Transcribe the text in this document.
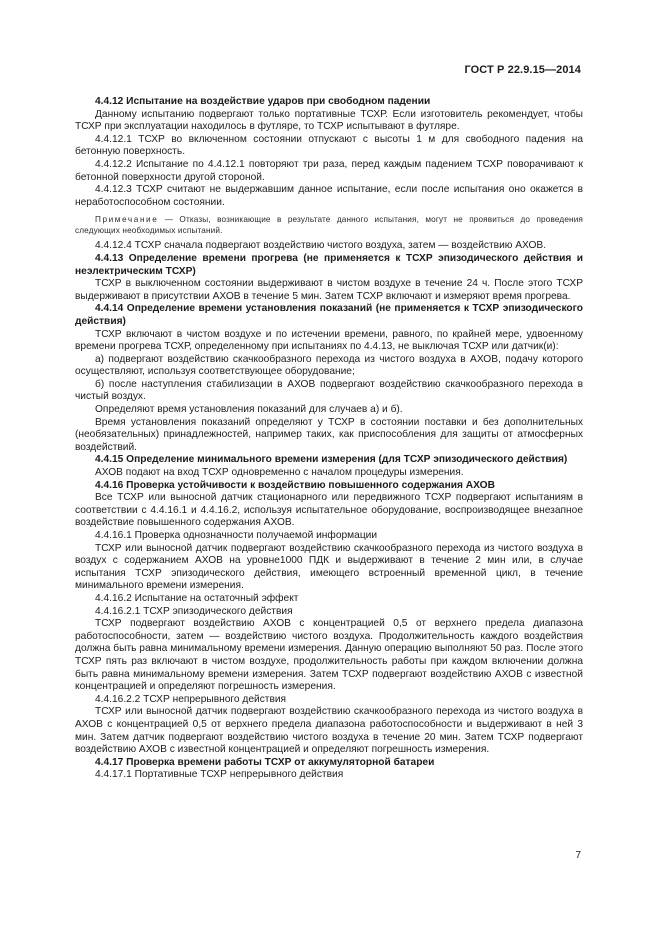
ГОСТ Р 22.9.15—2014

4.4.12 Испытание на воздействие ударов при свободном падении

Данному испытанию подвергают только портативные ТСХР. Если изготовитель рекомендует, чтобы ТСХР при эксплуатации находилось в футляре, то ТСХР испытывают в футляре.

4.4.12.1 ТСХР во включенном состоянии отпускают с высоты 1 м для свободного падения на бетонную поверхность.

4.4.12.2 Испытание по 4.4.12.1 повторяют три раза, перед каждым падением ТСХР поворачивают к бетонной поверхности другой стороной.

4.4.12.3 ТСХР считают не выдержавшим данное испытание, если после испытания оно окажется в неработоспособном состоянии.

Примечание — Отказы, возникающие в результате данного испытания, могут не проявиться до проведения следующих необходимых испытаний.

4.4.12.4 ТСХР сначала подвергают воздействию чистого воздуха, затем — воздействию АХОВ.

4.4.13 Определение времени прогрева (не применяется к ТСХР эпизодического действия и неэлектрическим ТСХР)

ТСХР в выключенном состоянии выдерживают в чистом воздухе в течение 24 ч. После этого ТСХР выдерживают в присутствии АХОВ в течение 5 мин. Затем ТСХР включают и измеряют время прогрева.

4.4.14 Определение времени установления показаний (не применяется к ТСХР эпизодического действия)

ТСХР включают в чистом воздухе и по истечении времени, равного, по крайней мере, удвоенному времени прогрева ТСХР, определенному при испытаниях по 4.4.13, не выключая ТСХР или датчик(и):

а) подвергают воздействию скачкообразного перехода из чистого воздуха в АХОВ, подачу которого осуществляют, используя соответствующее оборудование;

б) после наступления стабилизации в АХОВ подвергают воздействию скачкообразного перехода в чистый воздух.

Определяют время установления показаний для случаев а) и б).

Время установления показаний определяют у ТСХР в состоянии поставки и без дополнительных (необязательных) принадлежностей, например таких, как приспособления для защиты от атмосферных воздействий.

4.4.15 Определение минимального времени измерения (для ТСХР эпизодического действия)

АХОВ подают на вход ТСХР одновременно с началом процедуры измерения.

4.4.16 Проверка устойчивости к воздействию повышенного содержания АХОВ

Все ТСХР или выносной датчик стационарного или передвижного ТСХР подвергают испытаниям в соответствии с 4.4.16.1 и 4.4.16.2, используя испытательное оборудование, воспроизводящее внезапное воздействие повышенного содержания АХОВ.

4.4.16.1 Проверка однозначности получаемой информации

ТСХР или выносной датчик подвергают воздействию скачкообразного перехода из чистого воздуха в воздух с содержанием АХОВ на уровне1000 ПДК и выдерживают в течение 2 мин или, в случае испытания ТСХР эпизодического действия, имеющего встроенный временной цикл, в течение минимального времени измерения.

4.4.16.2 Испытание на остаточный эффект

4.4.16.2.1 ТСХР эпизодического действия

ТСХР подвергают воздействию АХОВ с концентрацией 0,5 от верхнего предела диапазона работоспособности, затем — воздействию чистого воздуха. Продолжительность каждого воздействия должна быть равна минимальному времени измерения. Данную операцию выполняют 50 раз. После этого ТСХР пять раз включают в чистом воздухе, продолжительность работы при каждом включении должна быть равна минимальному времени измерения. Затем ТСХР подвергают воздействию АХОВ с известной концентрацией и определяют погрешность измерения.

4.4.16.2.2 ТСХР непрерывного действия

ТСХР или выносной датчик подвергают воздействию скачкообразного перехода из чистого воздуха в АХОВ с концентрацией 0,5 от верхнего предела диапазона работоспособности и выдерживают в ней 3 мин. Затем датчик подвергают воздействию чистого воздуха в течение 20 мин. Затем ТСХР подвергают воздействию АХОВ с известной концентрацией и определяют погрешность измерения.

4.4.17 Проверка времени работы ТСХР от аккумуляторной батареи

4.4.17.1 Портативные ТСХР непрерывного действия

7
